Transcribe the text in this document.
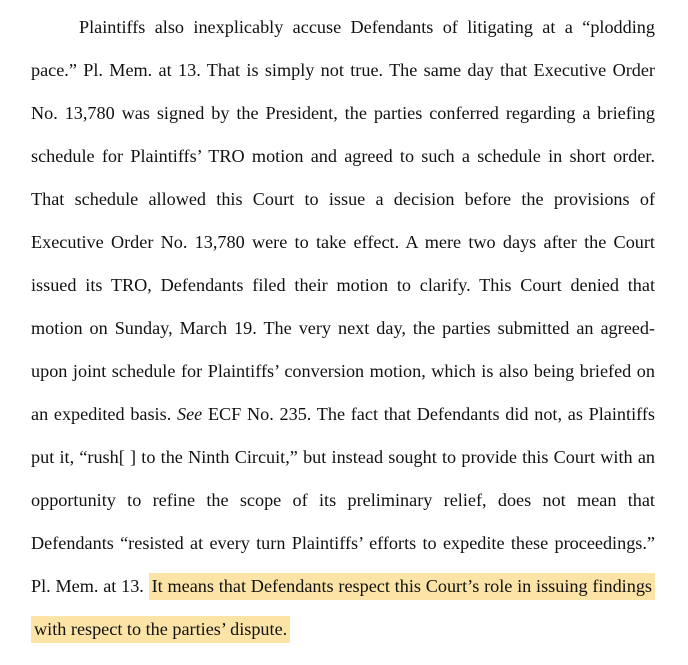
Plaintiffs also inexplicably accuse Defendants of litigating at a “plodding
pace.” Pl. Mem. at 13. That is simply not true. The same day that Executive Order
No. 13,780 was signed by the President, the parties conferred regarding a briefing
schedule for Plaintiffs’ TRO motion and agreed to such a schedule in short order.
That schedule allowed this Court to issue a decision before the provisions of
Executive Order No. 13,780 were to take effect. A mere two days after the Court
issued its TRO, Defendants filed their motion to clarify. This Court denied that
motion on Sunday, March 19. The very next day, the parties submitted an agreed-
upon joint schedule for Plaintiffs’ conversion motion, which is also being briefed on
an expedited basis. See ECF No. 235. The fact that Defendants did not, as Plaintiffs
put it, “rush[ ] to the Ninth Circuit,” but instead sought to provide this Court with an
opportunity to refine the scope of its preliminary relief, does not mean that
Defendants “resisted at every turn Plaintiffs’ efforts to expedite these proceedings.”
Pl. Mem. at 13. It means that Defendants respect this Court’s role in issuing findings
with respect to the parties’ dispute.
